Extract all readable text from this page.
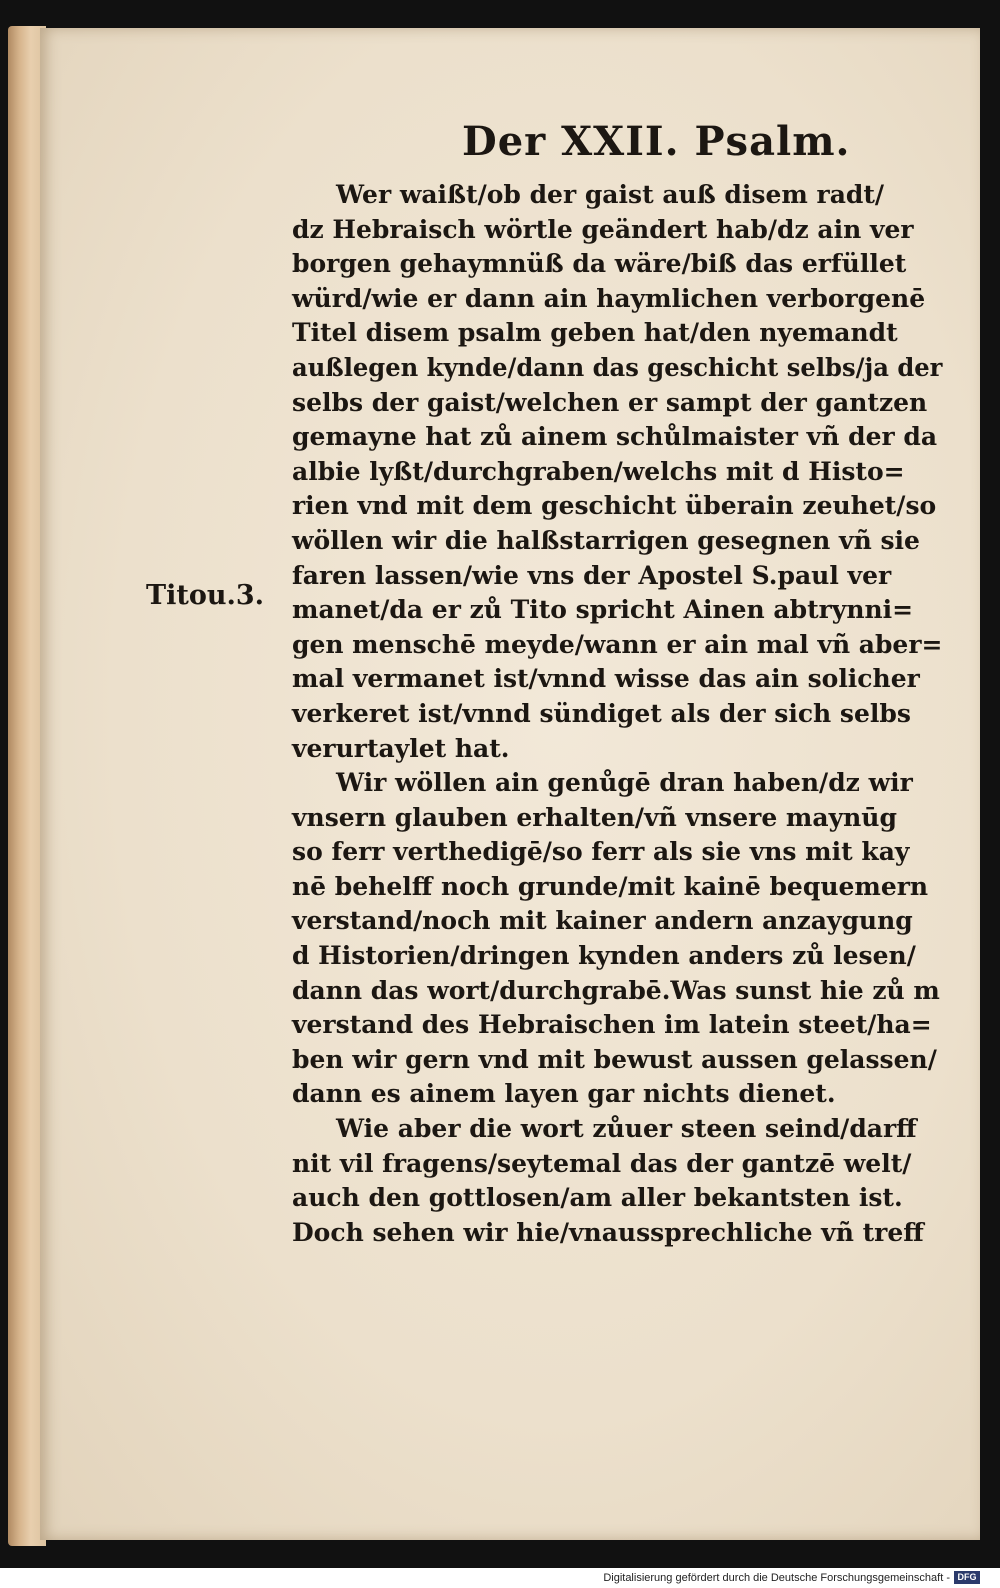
Der XXII. Psalm.
Titou.3.
Wer waißt/ob der gaist auß disem radt/
dz Hebraisch wörtle geändert hab/dz ain ver
borgen gehaymnüß da wäre/biß das erfüllet
würd/wie er dann ain haymlichen verborgenē
Titel disem psalm geben hat/den nyemandt
außlegen kynde/dann das geschicht selbs/ja der
selbs der gaist/welchen er sampt der gantzen
gemayne hat zů ainem schůlmaister vñ der da
albie lyßt/durchgraben/welchs mit d Histo=
rien vnd mit dem geschicht überain zeuhet/so
wöllen wir die halßstarrigen gesegnen vñ sie
faren lassen/wie vns der Apostel S.paul ver
manet/da er zů Tito spricht Ainen abtrynni=
gen menschē meyde/wann er ain mal vñ aber=
mal vermanet ist/vnnd wisse das ain solicher
verkeret ist/vnnd sündiget als der sich selbs
verurtaylet hat.
Wir wöllen ain genůgē dran haben/dz wir
vnsern glauben erhalten/vñ vnsere maynūg
so ferr verthedigē/so ferr als sie vns mit kay
nē behelff noch grunde/mit kainē bequemern
verstand/noch mit kainer andern anzaygung
d Historien/dringen kynden anders zů lesen/
dann das wort/durchgrabē.Was sunst hie zů m
verstand des Hebraischen im latein steet/ha=
ben wir gern vnd mit bewust aussen gelassen/
dann es ainem layen gar nichts dienet.
Wie aber die wort zůuer steen seind/darff
nit vil fragens/seytemal das der gantzē welt/
auch den gottlosen/am aller bekantsten ist.
Doch sehen wir hie/vnaussprechliche vñ treff
Digitalisierung gefördert durch die Deutsche Forschungsgemeinschaft - DFG
